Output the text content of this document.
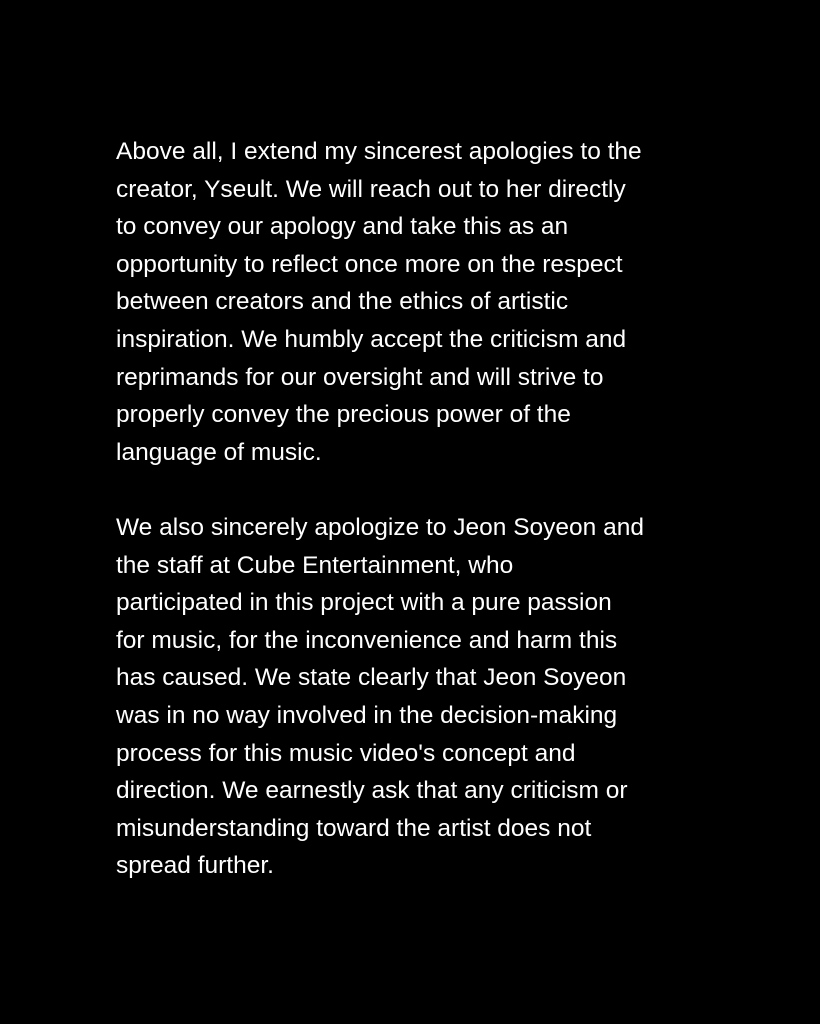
Above all, I extend my sincerest apologies to the
creator, Yseult. We will reach out to her directly
to convey our apology and take this as an
opportunity to reflect once more on the respect
between creators and the ethics of artistic
inspiration. We humbly accept the criticism and
reprimands for our oversight and will strive to
properly convey the precious power of the
language of music.

We also sincerely apologize to Jeon Soyeon and
the staff at Cube Entertainment, who
participated in this project with a pure passion
for music, for the inconvenience and harm this
has caused. We state clearly that Jeon Soyeon
was in no way involved in the decision-making
process for this music video's concept and
direction. We earnestly ask that any criticism or
misunderstanding toward the artist does not
spread further.
